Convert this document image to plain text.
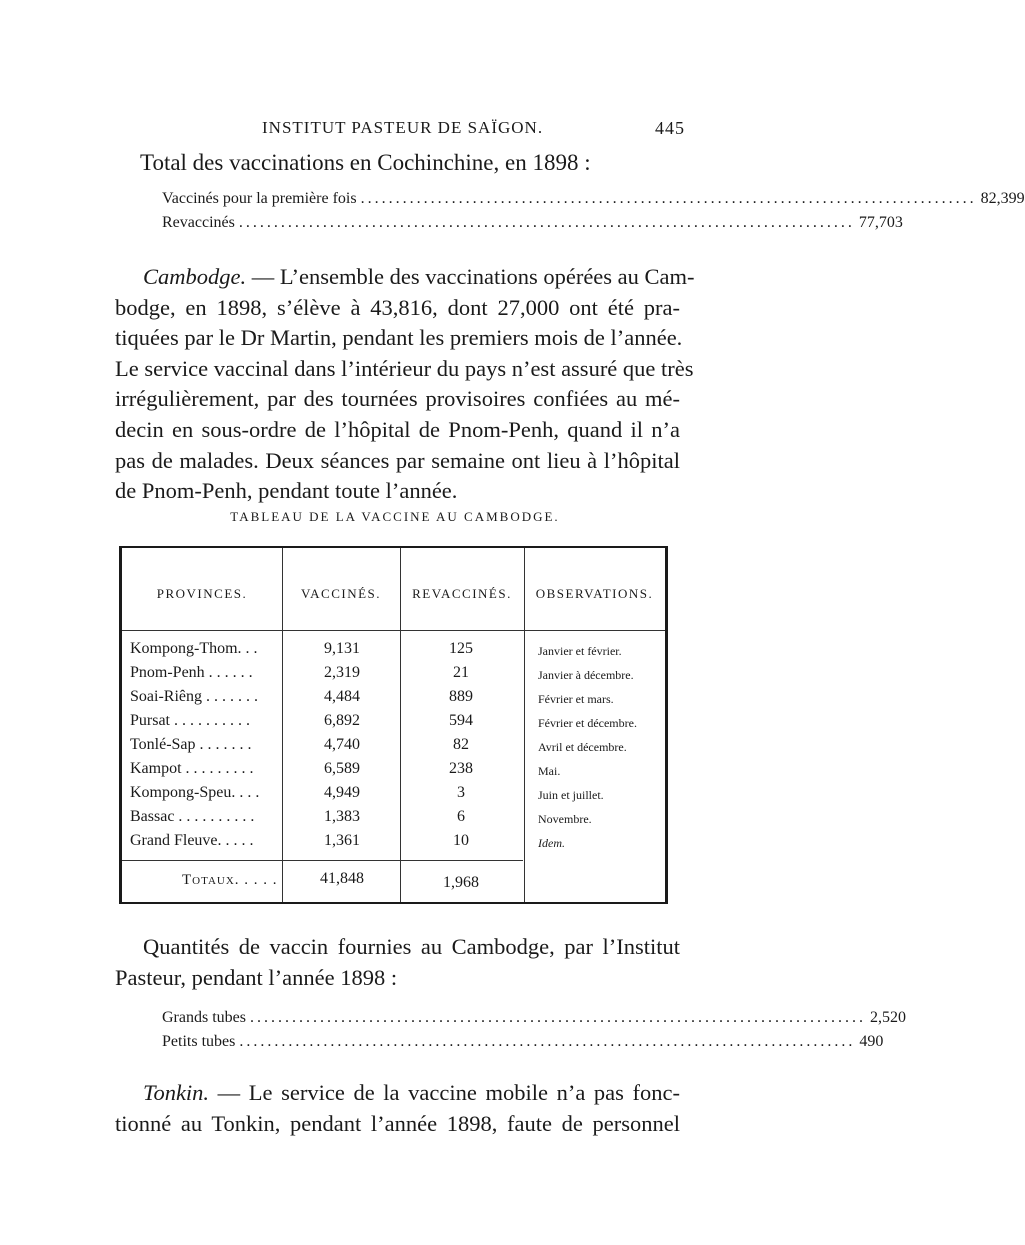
INSTITUT PASTEUR DE SAÏGON.	445
Total des vaccinations en Cochinchine, en 1898 :
Vaccinés pour la première fois ........................................................................................ 82,399
Revaccinés ........................................................................................ 77,703
Cambodge. — L’ensemble des vaccinations opérées au Cam-
bodge, en 1898, s’élève à 43,816, dont 27,000 ont été pra-
tiquées par le Dr Martin, pendant les premiers mois de l’année.
Le service vaccinal dans l’intérieur du pays n’est assuré que très
irrégulièrement, par des tournées provisoires confiées au mé-
decin en sous-ordre de l’hôpital de Pnom-Penh, quand il n’a
pas de malades. Deux séances par semaine ont lieu à l’hôpital
de Pnom-Penh, pendant toute l’année.
TABLEAU DE LA VACCINE AU CAMBODGE.
PROVINCES.	VACCINÉS.	REVACCINÉS.	OBSERVATIONS.
Kompong-Thom. . .	9,131	125	Janvier et février.
Pnom-Penh . . . . . .	2,319	21	Janvier à décembre.
Soai-Riêng . . . . . . .	4,484	889	Février et mars.
Pursat . . . . . . . . . .	6,892	594	Février et décembre.
Tonlé-Sap . . . . . . .	4,740	82	Avril et décembre.
Kampot . . . . . . . . .	6,589	238	Mai.
Kompong-Speu. . . .	4,949	3	Juin et juillet.
Bassac . . . . . . . . . .	1,383	6	Novembre.
Grand Fleuve. . . . .	1,361	10	Idem.
Totaux. . . . .	41,848	1,968
Quantités de vaccin fournies au Cambodge, par l’Institut
Pasteur, pendant l’année 1898 :
Grands tubes ........................................................................................ 2,520
Petits tubes ........................................................................................ 490
Tonkin. — Le service de la vaccine mobile n’a pas fonc-
tionné au Tonkin, pendant l’année 1898, faute de personnel
